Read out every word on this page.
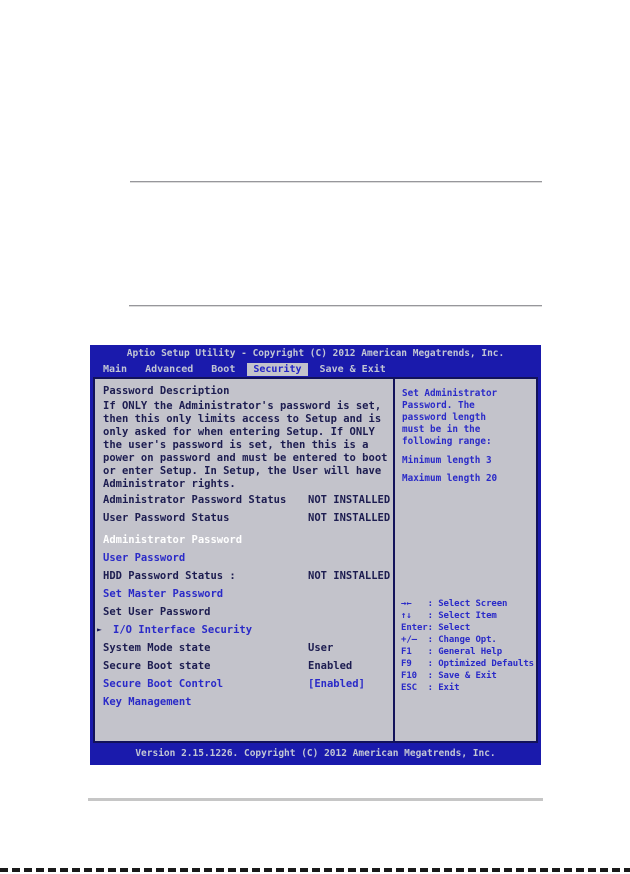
Aptio Setup Utility - Copyright (C) 2012 American Megatrends, Inc.
Main	Advanced	Boot	Security	Save & Exit
Password Description
If ONLY the Administrator's password is set,
then this only limits access to Setup and is
only asked for when entering Setup. If ONLY
the user's password is set, then this is a
power on password and must be entered to boot
or enter Setup. In Setup, the User will have
Administrator rights.
Administrator Password Status NOT INSTALLED
User Password Status	NOT INSTALLED
Administrator Password
User Password
HDD Password Status :	NOT INSTALLED
Set Master Password
Set User Password
► I/O Interface Security
System Mode state	User
Secure Boot state	Enabled
Secure Boot Control	[Enabled]
Key Management
Set Administrator
Password. The
password length
must be in the
following range:
Minimum length 3
Maximum length 20
→←   : Select Screen
↑↓   : Select Item
Enter: Select
+/—  : Change Opt.
F1   : General Help
F9   : Optimized Defaults
F10  : Save & Exit
ESC  : Exit
Version 2.15.1226. Copyright (C) 2012 American Megatrends, Inc.
